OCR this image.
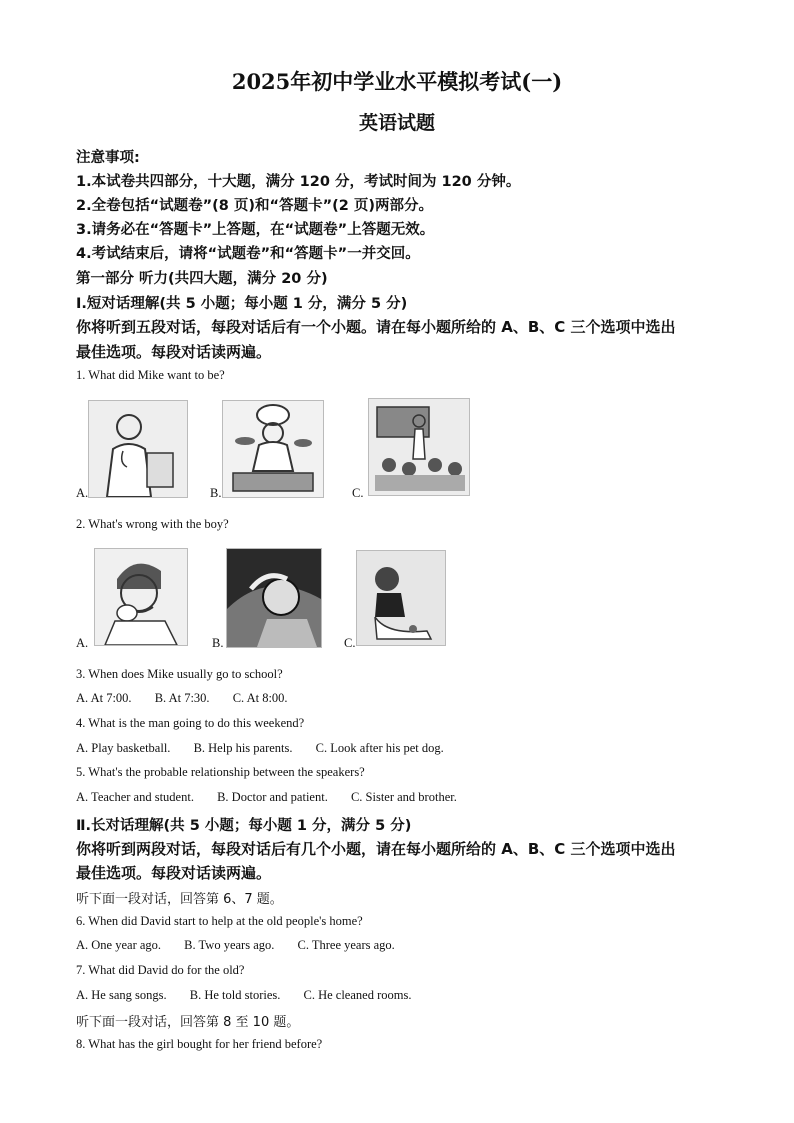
2025年初中学业水平模拟考试(一)
英语试题
注意事项:
1.本试卷共四部分，十大题，满分 120 分，考试时间为 120 分钟。
2.全卷包括“试题卷”(8 页)和“答题卡”(2 页)两部分。
3.请务必在“答题卡”上答题，在“试题卷”上答题无效。
4.考试结束后，请将“试题卷”和“答题卡”一并交回。
第一部分 听力(共四大题，满分 20 分)
I.短对话理解(共 5 小题；每小题 1 分，满分 5 分)
你将听到五段对话，每段对话后有一个小题。请在每小题所给的 A、B、C 三个选项中选出
最佳选项。每段对话读两遍。
1. What did Mike want to be?
A.	B.	C.
2. What's wrong with the boy?
A.	B.	C.
3. When does Mike usually go to school?
A. At 7:00. B. At 7:30. C. At 8:00.
4. What is the man going to do this weekend?
A. Play basketball. B. Help his parents. C. Look after his pet dog.
5. What's the probable relationship between the speakers?
A. Teacher and student. B. Doctor and patient. C. Sister and brother.
Ⅱ.长对话理解(共 5 小题；每小题 1 分，满分 5 分)
你将听到两段对话，每段对话后有几个小题，请在每小题所给的 A、B、C 三个选项中选出
最佳选项。每段对话读两遍。
听下面一段对话，回答第 6、7 题。
6. When did David start to help at the old people's home?
A. One year ago. B. Two years ago. C. Three years ago.
7. What did David do for the old?
A. He sang songs. B. He told stories. C. He cleaned rooms.
听下面一段对话，回答第 8 至 10 题。
8. What has the girl bought for her friend before?
